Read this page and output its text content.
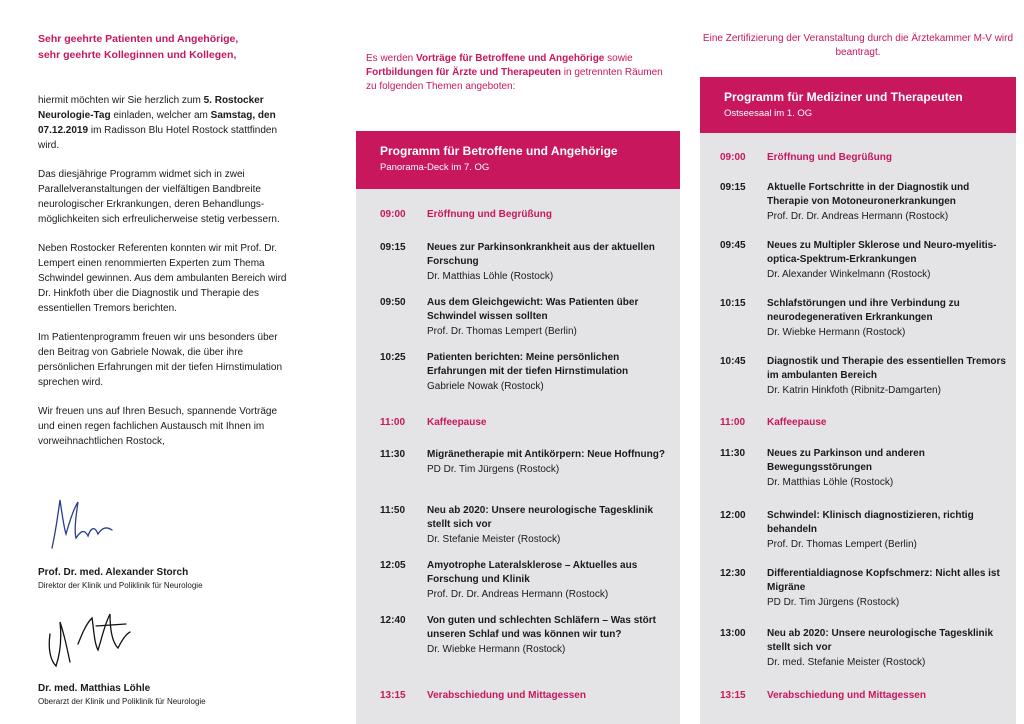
Sehr geehrte Patienten und Angehörige,
sehr geehrte Kolleginnen und Kollegen,

hiermit möchten wir Sie herzlich zum 5. Rostocker Neurologie-Tag einladen, welcher am Samstag, den 07.12.2019 im Radisson Blu Hotel Rostock stattfinden wird.

Das diesjährige Programm widmet sich in zwei Parallelveranstaltungen der vielfältigen Bandbreite neurologischer Erkrankungen, deren Behandlungs-möglichkeiten sich erfreulicherweise stetig verbessern.

Neben Rostocker Referenten konnten wir mit Prof. Dr. Lempert einen renommierten Experten zum Thema Schwindel gewinnen. Aus dem ambulanten Bereich wird Dr. Hinkfoth über die Diagnostik und Therapie des essentiellen Tremors berichten.

Im Patientenprogramm freuen wir uns besonders über den Beitrag von Gabriele Nowak, die über ihre persönlichen Erfahrungen mit der tiefen Hirnstimulation sprechen wird.

Wir freuen uns auf Ihren Besuch, spannende Vorträge und einen regen fachlichen Austausch mit Ihnen im vorweihnachtlichen Rostock,

Prof. Dr. med. Alexander Storch
Direktor der Klinik und Poliklinik für Neurologie
Dr. med. Matthias Löhle
Oberarzt der Klinik und Poliklinik für Neurologie
Es werden Vorträge für Betroffene und Angehörige sowie Fortbildungen für Ärzte und Therapeuten in getrennten Räumen zu folgenden Themen angeboten:
Programm für Betroffene und Angehörige
Panorama-Deck im 7. OG
09:00	Eröffnung und Begrüßung
09:15	Neues zur Parkinsonkrankheit aus der aktuellen Forschung
Dr. Matthias Löhle (Rostock)
09:50	Aus dem Gleichgewicht: Was Patienten über Schwindel wissen sollten
Prof. Dr. Thomas Lempert (Berlin)
10:25	Patienten berichten: Meine persönlichen Erfahrungen mit der tiefen Hirnstimulation
Gabriele Nowak (Rostock)
11:00	Kaffeepause
11:30	Migränetherapie mit Antikörpern: Neue Hoffnung?
PD Dr. Tim Jürgens (Rostock)
11:50	Neu ab 2020: Unsere neurologische Tagesklinik stellt sich vor
Dr. Stefanie Meister (Rostock)
12:05	Amyotrophe Lateralsklerose – Aktuelles aus Forschung und Klinik
Prof. Dr. Dr. Andreas Hermann (Rostock)
12:40	Von guten und schlechten Schläfern – Was stört unseren Schlaf und was können wir tun?
Dr. Wiebke Hermann (Rostock)
13:15	Verabschiedung und Mittagessen
Eine Zertifizierung der Veranstaltung durch die Ärztekammer M-V wird beantragt.
Programm für Mediziner und Therapeuten
Ostseesaal im 1. OG
09:00	Eröffnung und Begrüßung
09:15	Aktuelle Fortschritte in der Diagnostik und Therapie von Motoneuronerkrankungen
Prof. Dr. Dr. Andreas Hermann (Rostock)
09:45	Neues zu Multipler Sklerose und Neuro-myelitis-optica-Spektrum-Erkrankungen
Dr. Alexander Winkelmann (Rostock)
10:15	Schlafstörungen und ihre Verbindung zu neurodegenerativen Erkrankungen
Dr. Wiebke Hermann (Rostock)
10:45	Diagnostik und Therapie des essentiellen Tremors im ambulanten Bereich
Dr. Katrin Hinkfoth (Ribnitz-Damgarten)
11:00	Kaffeepause
11:30	Neues zu Parkinson und anderen Bewegungsstörungen
Dr. Matthias Löhle (Rostock)
12:00	Schwindel: Klinisch diagnostizieren, richtig behandeln
Prof. Dr. Thomas Lempert (Berlin)
12:30	Differentialdiagnose Kopfschmerz: Nicht alles ist Migräne
PD Dr. Tim Jürgens (Rostock)
13:00	Neu ab 2020: Unsere neurologische Tagesklinik stellt sich vor
Dr. med. Stefanie Meister (Rostock)
13:15	Verabschiedung und Mittagessen
